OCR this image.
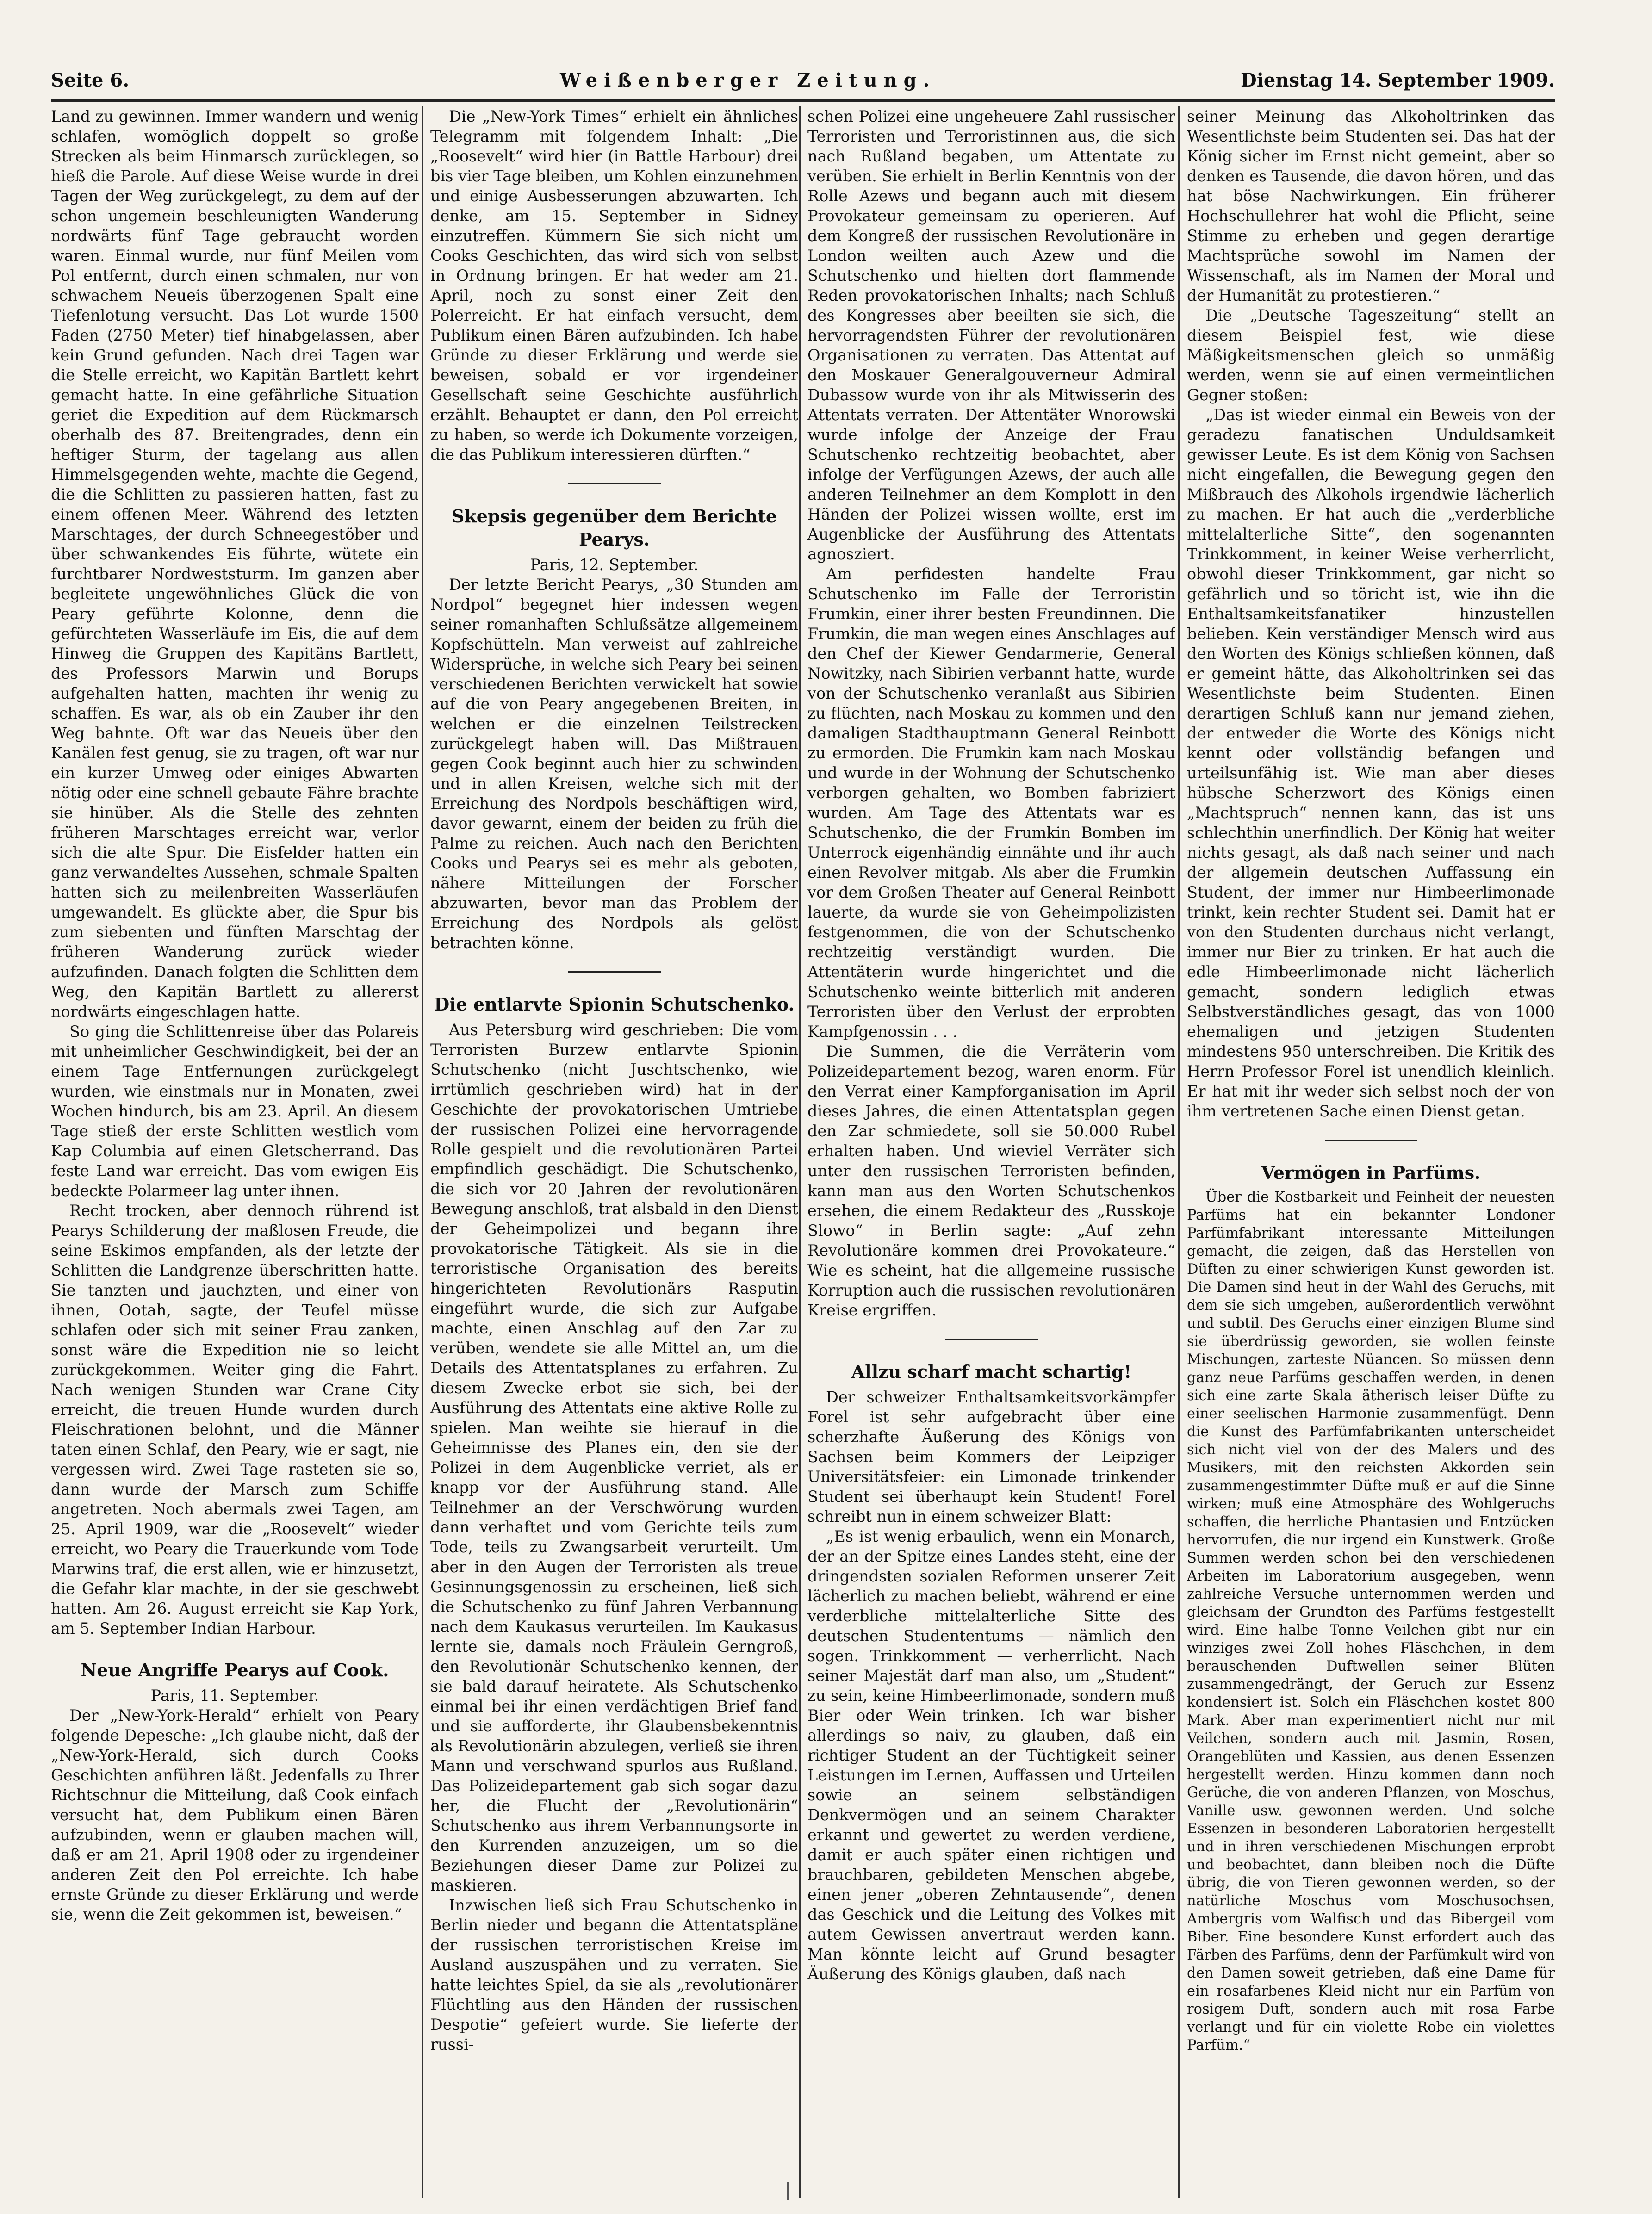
Seite 6.	Weißenberger Zeitung.	Dienstag 14. September 1909.

Land zu gewinnen. Immer wandern und wenig schlafen, womöglich doppelt so große Strecken als beim Hinmarsch zurücklegen, so hieß die Parole. Auf diese Weise wurde in drei Tagen der Weg zurückgelegt, zu dem auf der schon ungemein beschleunigten Wanderung nordwärts fünf Tage gebraucht worden waren. Einmal wurde, nur fünf Meilen vom Pol entfernt, durch einen schmalen, nur von schwachem Neueis überzogenen Spalt eine Tiefenlotung versucht. Das Lot wurde 1500 Faden (2750 Meter) tief hinabgelassen, aber kein Grund gefunden. Nach drei Tagen war die Stelle erreicht, wo Kapitän Bartlett kehrt gemacht hatte. In eine gefährliche Situation geriet die Expedition auf dem Rückmarsch oberhalb des 87. Breitengrades, denn ein heftiger Sturm, der tagelang aus allen Himmelsgegenden wehte, machte die Gegend, die die Schlitten zu passieren hatten, fast zu einem offenen Meer. Während des letzten Marschtages, der durch Schneegestöber und über schwankendes Eis führte, wütete ein furchtbarer Nordweststurm. Im ganzen aber begleitete ungewöhnliches Glück die von Peary geführte Kolonne, denn die gefürchteten Wasserläufe im Eis, die auf dem Hinweg die Gruppen des Kapitäns Bartlett, des Professors Marwin und Borups aufgehalten hatten, machten ihr wenig zu schaffen. Es war, als ob ein Zauber ihr den Weg bahnte. Oft war das Neueis über den Kanälen fest genug, sie zu tragen, oft war nur ein kurzer Umweg oder einiges Abwarten nötig oder eine schnell gebaute Fähre brachte sie hinüber. Als die Stelle des zehnten früheren Marschtages erreicht war, verlor sich die alte Spur. Die Eisfelder hatten ein ganz verwandeltes Aussehen, schmale Spalten hatten sich zu meilenbreiten Wasserläufen umgewandelt. Es glückte aber, die Spur bis zum siebenten und fünften Marschtag der früheren Wanderung zurück wieder aufzufinden. Danach folgten die Schlitten dem Weg, den Kapitän Bartlett zu allererst nordwärts eingeschlagen hatte.

So ging die Schlittenreise über das Polareis mit unheimlicher Geschwindigkeit, bei der an einem Tage Entfernungen zurückgelegt wurden, wie einstmals nur in Monaten, zwei Wochen hindurch, bis am 23. April. An diesem Tage stieß der erste Schlitten westlich vom Kap Columbia auf einen Gletscherrand. Das feste Land war erreicht. Das vom ewigen Eis bedeckte Polarmeer lag unter ihnen.

Recht trocken, aber dennoch rührend ist Pearys Schilderung der maßlosen Freude, die seine Eskimos empfanden, als der letzte der Schlitten die Landgrenze überschritten hatte. Sie tanzten und jauchzten, und einer von ihnen, Ootah, sagte, der Teufel müsse schlafen oder sich mit seiner Frau zanken, sonst wäre die Expedition nie so leicht zurückgekommen. Weiter ging die Fahrt. Nach wenigen Stunden war Crane City erreicht, die treuen Hunde wurden durch Fleischrationen belohnt, und die Männer taten einen Schlaf, den Peary, wie er sagt, nie vergessen wird. Zwei Tage rasteten sie so, dann wurde der Marsch zum Schiffe angetreten. Noch abermals zwei Tagen, am 25. April 1909, war die „Roosevelt“ wieder erreicht, wo Peary die Trauerkunde vom Tode Marwins traf, die erst allen, wie er hinzusetzt, die Gefahr klar machte, in der sie geschwebt hatten. Am 26. August erreicht sie Kap York, am 5. September Indian Harbour.

Neue Angriffe Pearys auf Cook.

Paris, 11. September.

Der „New-York-Herald“ erhielt von Peary folgende Depesche: „Ich glaube nicht, daß der „New-York-Herald, sich durch Cooks Geschichten anführen läßt. Jedenfalls zu Ihrer Richtschnur die Mitteilung, daß Cook einfach versucht hat, dem Publikum einen Bären aufzubinden, wenn er glauben machen will, daß er am 21. April 1908 oder zu irgendeiner anderen Zeit den Pol erreichte. Ich habe ernste Gründe zu dieser Erklärung und werde sie, wenn die Zeit gekommen ist, beweisen.“

Die „New-York Times“ erhielt ein ähnliches Telegramm mit folgendem Inhalt: „Die „Roosevelt“ wird hier (in Battle Harbour) drei bis vier Tage bleiben, um Kohlen einzunehmen und einige Ausbesserungen abzuwarten. Ich denke, am 15. September in Sidney einzutreffen. Kümmern Sie sich nicht um Cooks Geschichten, das wird sich von selbst in Ordnung bringen. Er hat weder am 21. April, noch zu sonst einer Zeit den Polerreicht. Er hat einfach versucht, dem Publikum einen Bären aufzubinden. Ich habe Gründe zu dieser Erklärung und werde sie beweisen, sobald er vor irgendeiner Gesellschaft seine Geschichte ausführlich erzählt. Behauptet er dann, den Pol erreicht zu haben, so werde ich Dokumente vorzeigen, die das Publikum interessieren dürften.“

Skepsis gegenüber dem Berichte Pearys.

Paris, 12. September.

Der letzte Bericht Pearys, „30 Stunden am Nordpol“ begegnet hier indessen wegen seiner romanhaften Schlußsätze allgemeinem Kopfschütteln. Man verweist auf zahlreiche Widersprüche, in welche sich Peary bei seinen verschiedenen Berichten verwickelt hat sowie auf die von Peary angegebenen Breiten, in welchen er die einzelnen Teilstrecken zurückgelegt haben will. Das Mißtrauen gegen Cook beginnt auch hier zu schwinden und in allen Kreisen, welche sich mit der Erreichung des Nordpols beschäftigen wird, davor gewarnt, einem der beiden zu früh die Palme zu reichen. Auch nach den Berichten Cooks und Pearys sei es mehr als geboten, nähere Mitteilungen der Forscher abzuwarten, bevor man das Problem der Erreichung des Nordpols als gelöst betrachten könne.

Die entlarvte Spionin Schutschenko.

Aus Petersburg wird geschrieben: Die vom Terroristen Burzew entlarvte Spionin Schutschenko (nicht Juschtschenko, wie irrtümlich geschrieben wird) hat in der Geschichte der provokatorischen Umtriebe der russischen Polizei eine hervorragende Rolle gespielt und die revolutionären Partei empfindlich geschädigt. Die Schutschenko, die sich vor 20 Jahren der revolutionären Bewegung anschloß, trat alsbald in den Dienst der Geheimpolizei und begann ihre provokatorische Tätigkeit. Als sie in die terroristische Organisation des bereits hingerichteten Revolutionärs Rasputin eingeführt wurde, die sich zur Aufgabe machte, einen Anschlag auf den Zar zu verüben, wendete sie alle Mittel an, um die Details des Attentatsplanes zu erfahren. Zu diesem Zwecke erbot sie sich, bei der Ausführung des Attentats eine aktive Rolle zu spielen. Man weihte sie hierauf in die Geheimnisse des Planes ein, den sie der Polizei in dem Augenblicke verriet, als er knapp vor der Ausführung stand. Alle Teilnehmer an der Verschwörung wurden dann verhaftet und vom Gerichte teils zum Tode, teils zu Zwangsarbeit verurteilt. Um aber in den Augen der Terroristen als treue Gesinnungsgenossin zu erscheinen, ließ sich die Schutschenko zu fünf Jahren Verbannung nach dem Kaukasus verurteilen. Im Kaukasus lernte sie, damals noch Fräulein Gerngroß, den Revolutionär Schutschenko kennen, der sie bald darauf heiratete. Als Schutschenko einmal bei ihr einen verdächtigen Brief fand und sie aufforderte, ihr Glaubensbekenntnis als Revolutionärin abzulegen, verließ sie ihren Mann und verschwand spurlos aus Rußland. Das Polizeidepartement gab sich sogar dazu her, die Flucht der „Revolutionärin“ Schutschenko aus ihrem Verbannungsorte in den Kurrenden anzuzeigen, um so die Beziehungen dieser Dame zur Polizei zu maskieren.

Inzwischen ließ sich Frau Schutschenko in Berlin nieder und begann die Attentatspläne der russischen terroristischen Kreise im Ausland auszuspähen und zu verraten. Sie hatte leichtes Spiel, da sie als „revolutionärer Flüchtling aus den Händen der russischen Despotie“ gefeiert wurde. Sie lieferte der russi-

schen Polizei eine ungeheuere Zahl russischer Terroristen und Terroristinnen aus, die sich nach Rußland begaben, um Attentate zu verüben. Sie erhielt in Berlin Kenntnis von der Rolle Azews und begann auch mit diesem Provokateur gemeinsam zu operieren. Auf dem Kongreß der russischen Revolutionäre in London weilten auch Azew und die Schutschenko und hielten dort flammende Reden provokatorischen Inhalts; nach Schluß des Kongresses aber beeilten sie sich, die hervorragendsten Führer der revolutionären Organisationen zu verraten. Das Attentat auf den Moskauer Generalgouverneur Admiral Dubassow wurde von ihr als Mitwisserin des Attentats verraten. Der Attentäter Wnorowski wurde infolge der Anzeige der Frau Schutschenko rechtzeitig beobachtet, aber infolge der Verfügungen Azews, der auch alle anderen Teilnehmer an dem Komplott in den Händen der Polizei wissen wollte, erst im Augenblicke der Ausführung des Attentats agnosziert.

Am perfidesten handelte Frau Schutschenko im Falle der Terroristin Frumkin, einer ihrer besten Freundinnen. Die Frumkin, die man wegen eines Anschlages auf den Chef der Kiewer Gendarmerie, General Nowitzky, nach Sibirien verbannt hatte, wurde von der Schutschenko veranlaßt aus Sibirien zu flüchten, nach Moskau zu kommen und den damaligen Stadthauptmann General Reinbott zu ermorden. Die Frumkin kam nach Moskau und wurde in der Wohnung der Schutschenko verborgen gehalten, wo Bomben fabriziert wurden. Am Tage des Attentats war es Schutschenko, die der Frumkin Bomben im Unterrock eigenhändig einnähte und ihr auch einen Revolver mitgab. Als aber die Frumkin vor dem Großen Theater auf General Reinbott lauerte, da wurde sie von Geheimpolizisten festgenommen, die von der Schutschenko rechtzeitig verständigt wurden. Die Attentäterin wurde hingerichtet und die Schutschenko weinte bitterlich mit anderen Terroristen über den Verlust der erprobten Kampfgenossin . . .

Die Summen, die die Verräterin vom Polizeidepartement bezog, waren enorm. Für den Verrat einer Kampforganisation im April dieses Jahres, die einen Attentatsplan gegen den Zar schmiedete, soll sie 50.000 Rubel erhalten haben. Und wieviel Verräter sich unter den russischen Terroristen befinden, kann man aus den Worten Schutschenkos ersehen, die einem Redakteur des „Russkoje Slowo“ in Berlin sagte: „Auf zehn Revolutionäre kommen drei Provokateure.“ Wie es scheint, hat die allgemeine russische Korruption auch die russischen revolutionären Kreise ergriffen.

Allzu scharf macht schartig!

Der schweizer Enthaltsamkeitsvorkämpfer Forel ist sehr aufgebracht über eine scherzhafte Äußerung des Königs von Sachsen beim Kommers der Leipziger Universitätsfeier: ein Limonade trinkender Student sei überhaupt kein Student! Forel schreibt nun in einem schweizer Blatt:

„Es ist wenig erbaulich, wenn ein Monarch, der an der Spitze eines Landes steht, eine der dringendsten sozialen Reformen unserer Zeit lächerlich zu machen beliebt, während er eine verderbliche mittelalterliche Sitte des deutschen Studententums — nämlich den sogen. Trinkkomment — verherrlicht. Nach seiner Majestät darf man also, um „Student“ zu sein, keine Himbeerlimonade, sondern muß Bier oder Wein trinken. Ich war bisher allerdings so naiv, zu glauben, daß ein richtiger Student an der Tüchtigkeit seiner Leistungen im Lernen, Auffassen und Urteilen sowie an seinem selbständigen Denkvermögen und an seinem Charakter erkannt und gewertet zu werden verdiene, damit er auch später einen richtigen und brauchbaren, gebildeten Menschen abgebe, einen jener „oberen Zehntausende“, denen das Geschick und die Leitung des Volkes mit autem Gewissen anvertraut werden kann. Man könnte leicht auf Grund besagter Äußerung des Königs glauben, daß nach

seiner Meinung das Alkoholtrinken das Wesentlichste beim Studenten sei. Das hat der König sicher im Ernst nicht gemeint, aber so denken es Tausende, die davon hören, und das hat böse Nachwirkungen. Ein früherer Hochschullehrer hat wohl die Pflicht, seine Stimme zu erheben und gegen derartige Machtsprüche sowohl im Namen der Wissenschaft, als im Namen der Moral und der Humanität zu protestieren.“

Die „Deutsche Tageszeitung“ stellt an diesem Beispiel fest, wie diese Mäßigkeitsmenschen gleich so unmäßig werden, wenn sie auf einen vermeintlichen Gegner stoßen:

„Das ist wieder einmal ein Beweis von der geradezu fanatischen Unduldsamkeit gewisser Leute. Es ist dem König von Sachsen nicht eingefallen, die Bewegung gegen den Mißbrauch des Alkohols irgendwie lächerlich zu machen. Er hat auch die „verderbliche mittelalterliche Sitte“, den sogenannten Trinkkomment, in keiner Weise verherrlicht, obwohl dieser Trinkkomment, gar nicht so gefährlich und so töricht ist, wie ihn die Enthaltsamkeitsfanatiker hinzustellen belieben. Kein verständiger Mensch wird aus den Worten des Königs schließen können, daß er gemeint hätte, das Alkoholtrinken sei das Wesentlichste beim Studenten. Einen derartigen Schluß kann nur jemand ziehen, der entweder die Worte des Königs nicht kennt oder vollständig befangen und urteilsunfähig ist. Wie man aber dieses hübsche Scherzwort des Königs einen „Machtspruch“ nennen kann, das ist uns schlechthin unerfindlich. Der König hat weiter nichts gesagt, als daß nach seiner und nach der allgemein deutschen Auffassung ein Student, der immer nur Himbeerlimonade trinkt, kein rechter Student sei. Damit hat er von den Studenten durchaus nicht verlangt, immer nur Bier zu trinken. Er hat auch die edle Himbeerlimonade nicht lächerlich gemacht, sondern lediglich etwas Selbstverständliches gesagt, das von 1000 ehemaligen und jetzigen Studenten mindestens 950 unterschreiben. Die Kritik des Herrn Professor Forel ist unendlich kleinlich. Er hat mit ihr weder sich selbst noch der von ihm vertretenen Sache einen Dienst getan.

Vermögen in Parfüms.

Über die Kostbarkeit und Feinheit der neuesten Parfüms hat ein bekannter Londoner Parfümfabrikant interessante Mitteilungen gemacht, die zeigen, daß das Herstellen von Düften zu einer schwierigen Kunst geworden ist. Die Damen sind heut in der Wahl des Geruchs, mit dem sie sich umgeben, außerordentlich verwöhnt und subtil. Des Geruchs einer einzigen Blume sind sie überdrüssig geworden, sie wollen feinste Mischungen, zarteste Nüancen. So müssen denn ganz neue Parfüms geschaffen werden, in denen sich eine zarte Skala ätherisch leiser Düfte zu einer seelischen Harmonie zusammenfügt. Denn die Kunst des Parfümfabrikanten unterscheidet sich nicht viel von der des Malers und des Musikers, mit den reichsten Akkorden sein zusammengestimmter Düfte muß er auf die Sinne wirken; muß eine Atmosphäre des Wohlgeruchs schaffen, die herrliche Phantasien und Entzücken hervorrufen, die nur irgend ein Kunstwerk. Große Summen werden schon bei den verschiedenen Arbeiten im Laboratorium ausgegeben, wenn zahlreiche Versuche unternommen werden und gleichsam der Grundton des Parfüms festgestellt wird. Eine halbe Tonne Veilchen gibt nur ein winziges zwei Zoll hohes Fläschchen, in dem berauschenden Duftwellen seiner Blüten zusammengedrängt, der Geruch zur Essenz kondensiert ist. Solch ein Fläschchen kostet 800 Mark. Aber man experimentiert nicht nur mit Veilchen, sondern auch mit Jasmin, Rosen, Orangeblüten und Kassien, aus denen Essenzen hergestellt werden. Hinzu kommen dann noch Gerüche, die von anderen Pflanzen, von Moschus, Vanille usw. gewonnen werden. Und solche Essenzen in besonderen Laboratorien hergestellt und in ihren verschiedenen Mischungen erprobt und beobachtet, dann bleiben noch die Düfte übrig, die von Tieren gewonnen werden, so der natürliche Moschus vom Moschusochsen, Ambergris vom Walfisch und das Bibergeil vom Biber. Eine besondere Kunst erfordert auch das Färben des Parfüms, denn der Parfümkult wird von den Damen soweit getrieben, daß eine Dame für ein rosafarbenes Kleid nicht nur ein Parfüm von rosigem Duft, sondern auch mit rosa Farbe verlangt und für ein violette Robe ein violettes Parfüm.“
